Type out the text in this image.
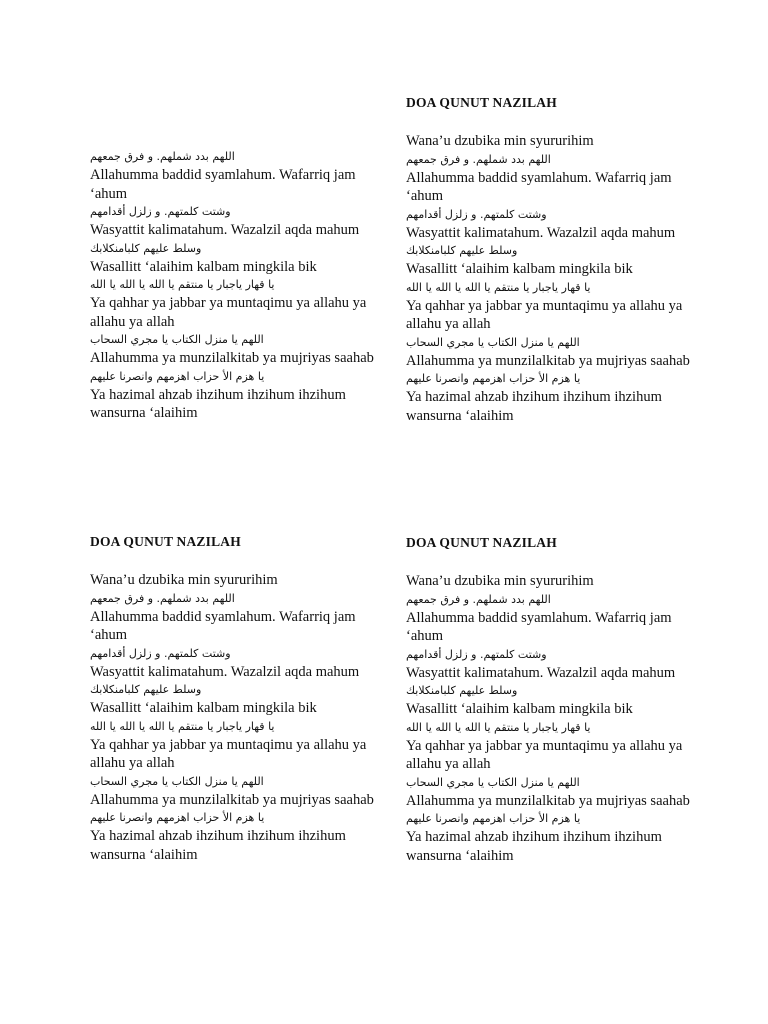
اللهم بدد شملهم. و فرق جمعهم
Allahumma baddid syamlahum. Wafarriq jam ‘ahum
وشتت كلمتهم. و زلزل أقدامهم
Wasyattit kalimatahum. Wazalzil aqda mahum
وسلط عليهم كلبامنكلابك
Wasallitt ‘alaihim kalbam mingkila bik
يا قهار ياجبار يا منتقم يا الله يا الله يا الله
Ya qahhar ya jabbar ya muntaqimu ya allahu ya allahu ya allah
اللهم يا منزل الكتاب يا مجري السحاب
Allahumma ya munzilalkitab ya mujriyas saahab
يا هزم الأ حزاب اهزمهم وانصرنا عليهم
Ya hazimal ahzab ihzihum ihzihum ihzihum wansurna ‘alaihim
DOA QUNUT NAZILAH
Wana’u dzubika min syururihim
اللهم بدد شملهم. و فرق جمعهم
Allahumma baddid syamlahum. Wafarriq jam ‘ahum
وشتت كلمتهم. و زلزل أقدامهم
Wasyattit kalimatahum. Wazalzil aqda mahum
وسلط عليهم كلبامنكلابك
Wasallitt ‘alaihim kalbam mingkila bik
يا قهار ياجبار يا منتقم يا الله يا الله يا الله
Ya qahhar ya jabbar ya muntaqimu ya allahu ya allahu ya allah
اللهم يا منزل الكتاب يا مجري السحاب
Allahumma ya munzilalkitab ya mujriyas saahab
يا هزم الأ حزاب اهزمهم وانصرنا عليهم
Ya hazimal ahzab ihzihum ihzihum ihzihum wansurna ‘alaihim
DOA QUNUT NAZILAH
Wana’u dzubika min syururihim
اللهم بدد شملهم. و فرق جمعهم
Allahumma baddid syamlahum. Wafarriq jam ‘ahum
وشتت كلمتهم. و زلزل أقدامهم
Wasyattit kalimatahum. Wazalzil aqda mahum
وسلط عليهم كلبامنكلابك
Wasallitt ‘alaihim kalbam mingkila bik
يا قهار ياجبار يا منتقم يا الله يا الله يا الله
Ya qahhar ya jabbar ya muntaqimu ya allahu ya allahu ya allah
اللهم يا منزل الكتاب يا مجري السحاب
Allahumma ya munzilalkitab ya mujriyas saahab
يا هزم الأ حزاب اهزمهم وانصرنا عليهم
Ya hazimal ahzab ihzihum ihzihum ihzihum wansurna ‘alaihim
DOA QUNUT NAZILAH
Wana’u dzubika min syururihim
اللهم بدد شملهم. و فرق جمعهم
Allahumma baddid syamlahum. Wafarriq jam ‘ahum
وشتت كلمتهم. و زلزل أقدامهم
Wasyattit kalimatahum. Wazalzil aqda mahum
وسلط عليهم كلبامنكلابك
Wasallitt ‘alaihim kalbam mingkila bik
يا قهار ياجبار يا منتقم يا الله يا الله يا الله
Ya qahhar ya jabbar ya muntaqimu ya allahu ya allahu ya allah
اللهم يا منزل الكتاب يا مجري السحاب
Allahumma ya munzilalkitab ya mujriyas saahab
يا هزم الأ حزاب اهزمهم وانصرنا عليهم
Ya hazimal ahzab ihzihum ihzihum ihzihum wansurna ‘alaihim
